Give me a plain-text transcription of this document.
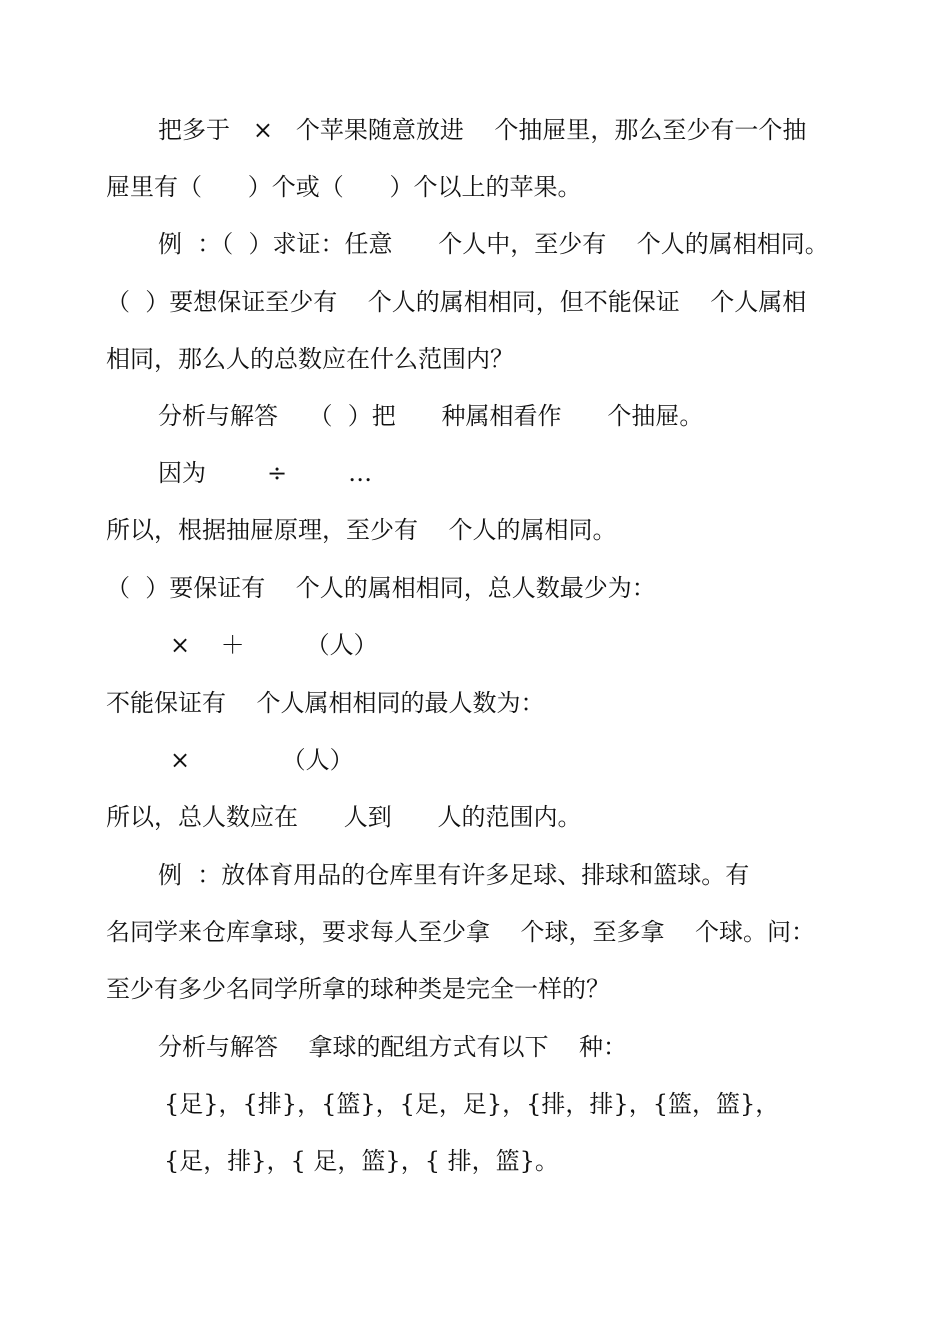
把多于   ×   个苹果随意放进    个抽屉里，那么至少有一个抽
屉里有（      ）个或（      ）个以上的苹果。
例  ：（  ）求证：任意      个人中，至少有    个人的属相相同。
（  ）要想保证至少有    个人的属相相同，但不能保证    个人属相
相同，那么人的总数应在什么范围内？
分析与解答    （  ）把      种属相看作      个抽屉。
因为        ÷        …
所以，根据抽屉原理，至少有    个人的属相同。
（  ）要保证有    个人的属相相同，总人数最少为：
×    ＋        （人）
不能保证有    个人属相相同的最人数为：
×            （人）
所以，总人数应在      人到      人的范围内。
例  ：放体育用品的仓库里有许多足球、排球和篮球。有
名同学来仓库拿球，要求每人至少拿    个球，至多拿    个球。问：
至少有多少名同学所拿的球种类是完全一样的？
分析与解答    拿球的配组方式有以下    种：
{足}，{排}，{篮}，{足，足}，{排，排}，{篮，篮}，
{足，排}，{ 足，篮}，{ 排，篮}。
